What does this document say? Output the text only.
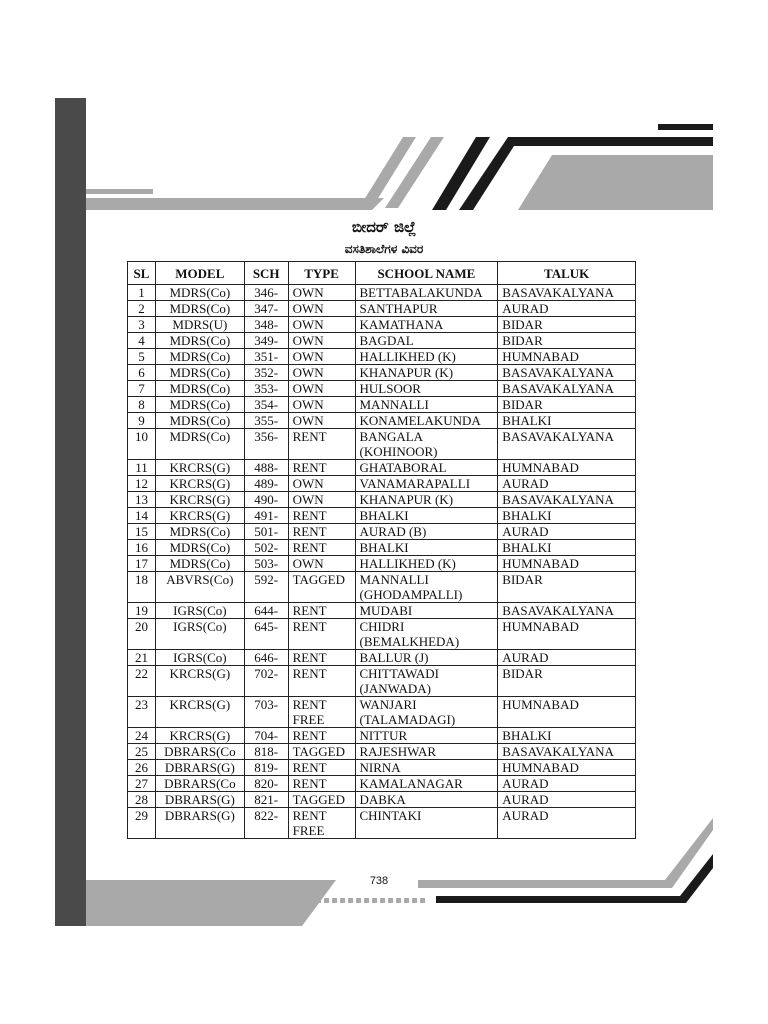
ಬೀದರ್ ಜಿಲ್ಲೆ
ವಸತಿಶಾಲೆಗಳ ವಿವರ
SL	MODEL	SCH	TYPE	SCHOOL NAME	TALUK
1	MDRS(Co)	346-	OWN	BETTABALAKUNDA	BASAVAKALYANA
2	MDRS(Co)	347-	OWN	SANTHAPUR	AURAD
3	MDRS(U)	348-	OWN	KAMATHANA	BIDAR
4	MDRS(Co)	349-	OWN	BAGDAL	BIDAR
5	MDRS(Co)	351-	OWN	HALLIKHED (K)	HUMNABAD
6	MDRS(Co)	352-	OWN	KHANAPUR (K)	BASAVAKALYANA
7	MDRS(Co)	353-	OWN	HULSOOR	BASAVAKALYANA
8	MDRS(Co)	354-	OWN	MANNALLI	BIDAR
9	MDRS(Co)	355-	OWN	KONAMELAKUNDA	BHALKI
10	MDRS(Co)	356-	RENT	BANGALA (KOHINOOR)	BASAVAKALYANA
11	KRCRS(G)	488-	RENT	GHATABORAL	HUMNABAD
12	KRCRS(G)	489-	OWN	VANAMARAPALLI	AURAD
13	KRCRS(G)	490-	OWN	KHANAPUR (K)	BASAVAKALYANA
14	KRCRS(G)	491-	RENT	BHALKI	BHALKI
15	MDRS(Co)	501-	RENT	AURAD (B)	AURAD
16	MDRS(Co)	502-	RENT	BHALKI	BHALKI
17	MDRS(Co)	503-	OWN	HALLIKHED (K)	HUMNABAD
18	ABVRS(Co)	592-	TAGGED	MANNALLI (GHODAMPALLI)	BIDAR
19	IGRS(Co)	644-	RENT	MUDABI	BASAVAKALYANA
20	IGRS(Co)	645-	RENT	CHIDRI (BEMALKHEDA)	HUMNABAD
21	IGRS(Co)	646-	RENT	BALLUR (J)	AURAD
22	KRCRS(G)	702-	RENT	CHITTAWADI (JANWADA)	BIDAR
23	KRCRS(G)	703-	RENT FREE	WANJARI (TALAMADAGI)	HUMNABAD
24	KRCRS(G)	704-	RENT	NITTUR	BHALKI
25	DBRARS(Co	818-	TAGGED	RAJESHWAR	BASAVAKALYANA
26	DBRARS(G)	819-	RENT	NIRNA	HUMNABAD
27	DBRARS(Co	820-	RENT	KAMALANAGAR	AURAD
28	DBRARS(G)	821-	TAGGED	DABKA	AURAD
29	DBRARS(G)	822-	RENT FREE	CHINTAKI	AURAD
738
